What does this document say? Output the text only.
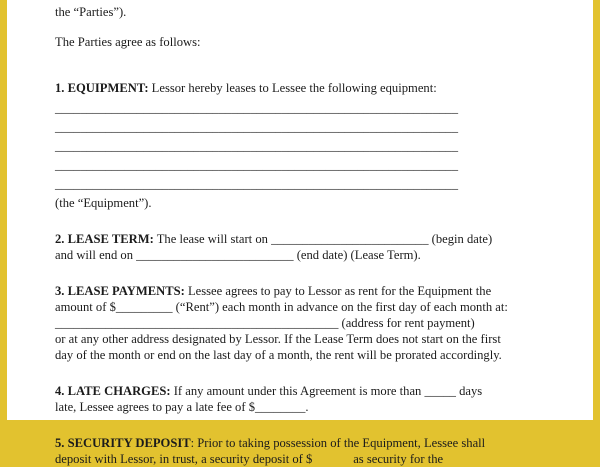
the “Parties”).

The Parties agree as follows:

1. EQUIPMENT: Lessor hereby leases to Lessee the following equipment:

________________________________________________________________

________________________________________________________________

________________________________________________________________

________________________________________________________________

________________________________________________________________

(the “Equipment”).

2. LEASE TERM: The lease will start on _________________________ (begin date)

and will end on _________________________ (end date) (Lease Term).

3. LEASE PAYMENTS: Lessee agrees to pay to Lessor as rent for the Equipment the

amount of $_________ (“Rent”) each month in advance on the first day of each month at:

_____________________________________________ (address for rent payment)

or at any other address designated by Lessor. If the Lease Term does not start on the first

day of the month or end on the last day of a month, the rent will be prorated accordingly.

4. LATE CHARGES: If any amount under this Agreement is more than _____ days

late, Lessee agrees to pay a late fee of $________.

5. SECURITY DEPOSIT: Prior to taking possession of the Equipment, Lessee shall

deposit with Lessor, in trust, a security deposit of $             as security for the
